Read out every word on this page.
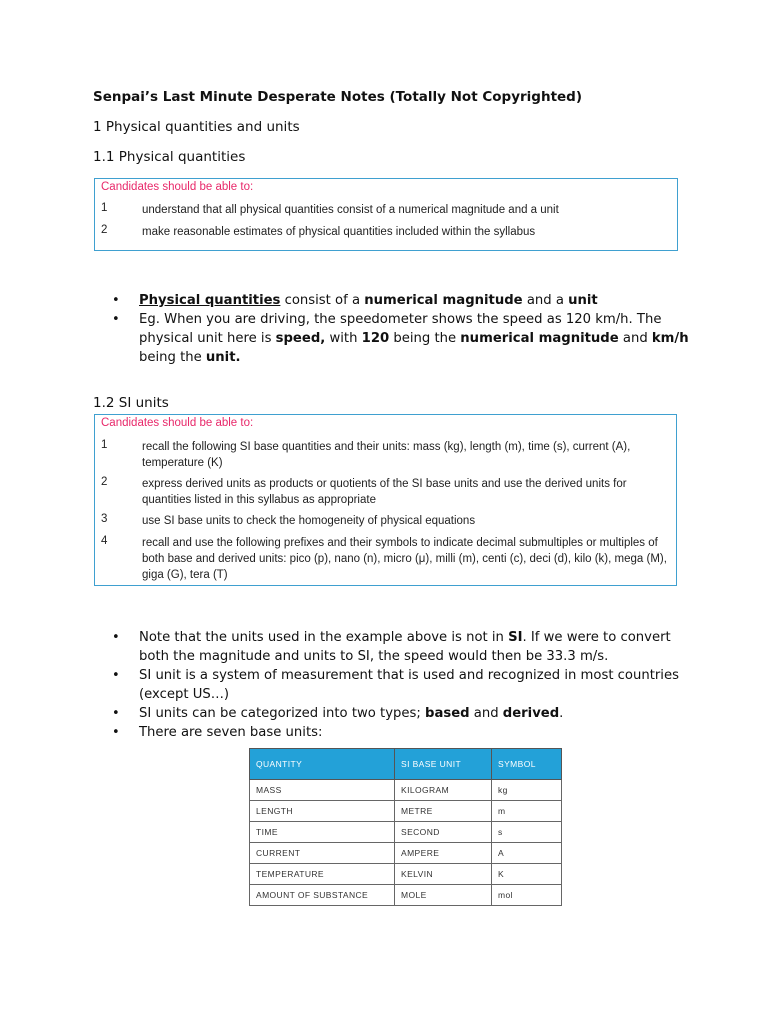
Senpai’s Last Minute Desperate Notes (Totally Not Copyrighted)
1 Physical quantities and units
1.1 Physical quantities
Candidates should be able to:
1	understand that all physical quantities consist of a numerical magnitude and a unit
2	make reasonable estimates of physical quantities included within the syllabus
• Physical quantities consist of a numerical magnitude and a unit
• Eg. When you are driving, the speedometer shows the speed as 120 km/h. The physical unit here is speed, with 120 being the numerical magnitude and km/h being the unit.
1.2 SI units
Candidates should be able to:
1	recall the following SI base quantities and their units: mass (kg), length (m), time (s), current (A), temperature (K)
2	express derived units as products or quotients of the SI base units and use the derived units for quantities listed in this syllabus as appropriate
3	use SI base units to check the homogeneity of physical equations
4	recall and use the following prefixes and their symbols to indicate decimal submultiples or multiples of both base and derived units: pico (p), nano (n), micro (μ), milli (m), centi (c), deci (d), kilo (k), mega (M), giga (G), tera (T)
• Note that the units used in the example above is not in SI. If we were to convert both the magnitude and units to SI, the speed would then be 33.3 m/s.
• SI unit is a system of measurement that is used and recognized in most countries (except US…)
• SI units can be categorized into two types; based and derived.
• There are seven base units:
QUANTITY	SI BASE UNIT	SYMBOL
MASS	KILOGRAM	kg
LENGTH	METRE	m
TIME	SECOND	s
CURRENT	AMPERE	A
TEMPERATURE	KELVIN	K
AMOUNT OF SUBSTANCE	MOLE	mol
